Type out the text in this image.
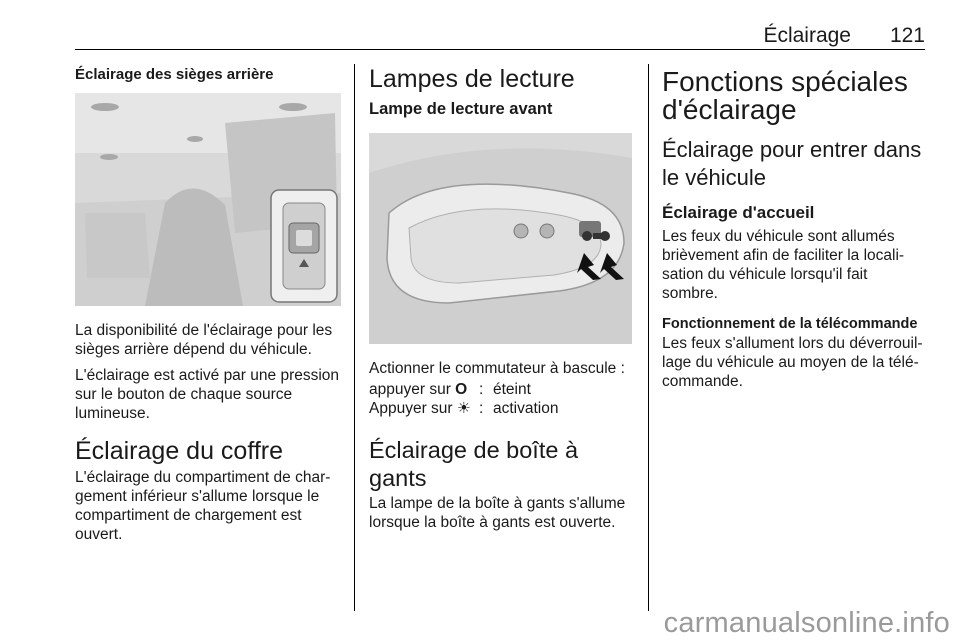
Éclairage	121
Éclairage des sièges arrière

La disponibilité de l'éclairage pour les sièges arrière dépend du véhicule.

L'éclairage est activé par une pression sur le bouton de chaque source lumineuse.

Éclairage du coffre

L'éclairage du compartiment de chargement inférieur s'allume lorsque le compartiment de chargement est ouvert.

Lampes de lecture
Lampe de lecture avant

Actionner le commutateur à bascule :

appuyer sur O : éteint
Appuyer sur ☀ : activation
Éclairage de boîte à gants

La lampe de la boîte à gants s'allume lorsque la boîte à gants est ouverte.

Fonctions spéciales d'éclairage
Éclairage pour entrer dans le véhicule
Éclairage d'accueil

Les feux du véhicule sont allumés brièvement afin de faciliter la localisation du véhicule lorsqu'il fait sombre.

Fonctionnement de la télécommande

Les feux s'allument lors du déverrouillage du véhicule au moyen de la télécommande.

carmanualsonline.info
